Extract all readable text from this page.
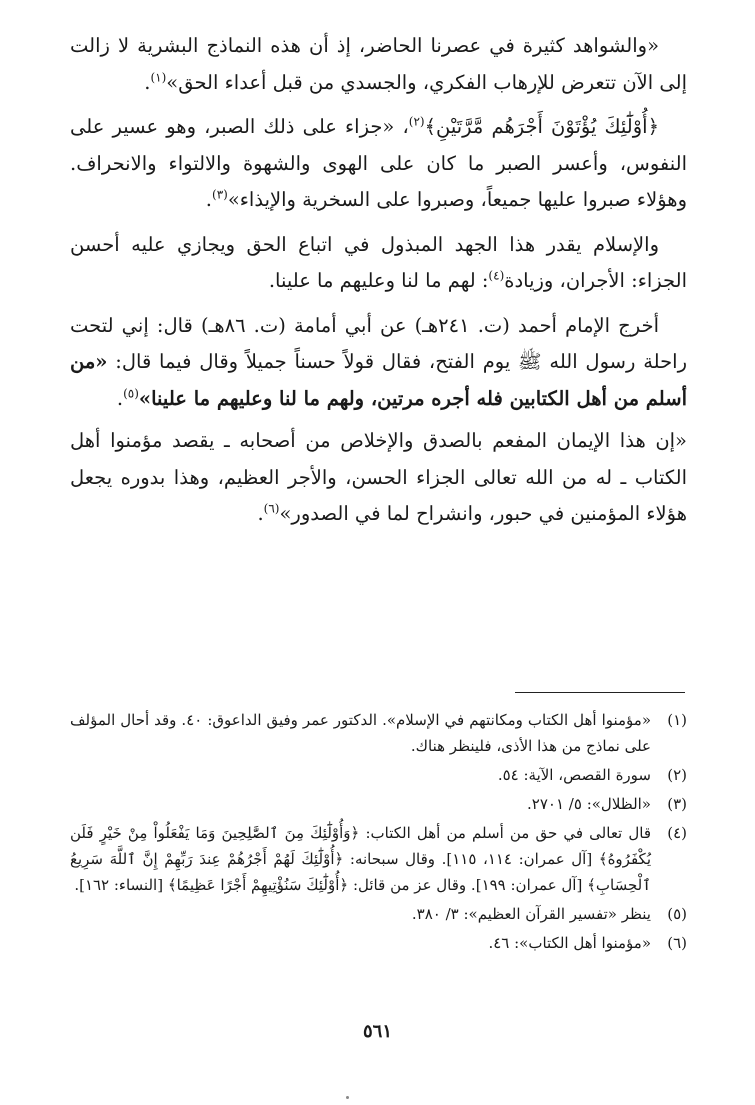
«والشواهد كثيرة في عصرنا الحاضر، إذ أن هذه النماذج البشرية لا زالت إلى الآن تتعرض للإرهاب الفكري، والجسدي من قبل أعداء الحق»$^{(١)}$.

﴿أُوْلَٰٓئِكَ يُؤْتَوْنَ أَجْرَهُم مَّرَّتَيْنِ﴾$^{(٢)}$، «جزاء على ذلك الصبر، وهو عسير على النفوس، وأعسر الصبر ما كان على الهوى والشهوة والالتواء والانحراف. وهؤلاء صبروا عليها جميعاً، وصبروا على السخرية والإيذاء»$^{(٣)}$.

والإسلام يقدر هذا الجهد المبذول في اتباع الحق ويجازي عليه أحسن الجزاء: الأجران، وزيادة$^{(٤)}$: لهم ما لنا وعليهم ما علينا.

أخرج الإمام أحمد (ت. ٢٤١هـ) عن أبي أمامة (ت. ٨٦هـ) قال: إني لتحت راحلة رسول الله ﷺ يوم الفتح، فقال قولاً حسناً جميلاً وقال فيما قال: «من أسلم من أهل الكتابين فله أجره مرتين، ولهم ما لنا وعليهم ما علينا»$^{(٥)}$.

«إن هذا الإيمان المفعم بالصدق والإخلاص من أصحابه ـ يقصد مؤمنوا أهل الكتاب ـ له من الله تعالى الجزاء الحسن، والأجر العظيم، وهذا بدوره يجعل هؤلاء المؤمنين في حبور، وانشراح لما في الصدور»$^{(٦)}$.

(١)
«مؤمنوا أهل الكتاب ومكانتهم في الإسلام». الدكتور عمر وفيق الداعوق: ٤٠. وقد أحال المؤلف على نماذج من هذا الأذى، فلينظر هناك.
(٢)
سورة القصص، الآية: ٥٤.
(٣)
«الظلال»: ٥/ ٢٧٠١.
(٤)
قال تعالى في حق من أسلم من أهل الكتاب: ﴿وَأُوْلَٰٓئِكَ مِنَ ٱلصَّٰلِحِينَ وَمَا يَفْعَلُواْ مِنْ خَيْرٍ فَلَن يُكْفَرُوهُ﴾ [آل عمران: ١١٤، ١١٥]. وقال سبحانه: ﴿أُوْلَٰٓئِكَ لَهُمْ أَجْرُهُمْ عِندَ رَبِّهِمْ إِنَّ ٱللَّهَ سَرِيعُ ٱلْحِسَابِ﴾ [آل عمران: ١٩٩]. وقال عز من قائل: ﴿أُوْلَٰٓئِكَ سَنُؤْتِيهِمْ أَجْرًا عَظِيمًا﴾ [النساء: ١٦٢].
(٥)
ينظر «تفسير القرآن العظيم»: ٣/ ٣٨٠.
(٦)
«مؤمنوا أهل الكتاب»: ٤٦.
٥٦١
